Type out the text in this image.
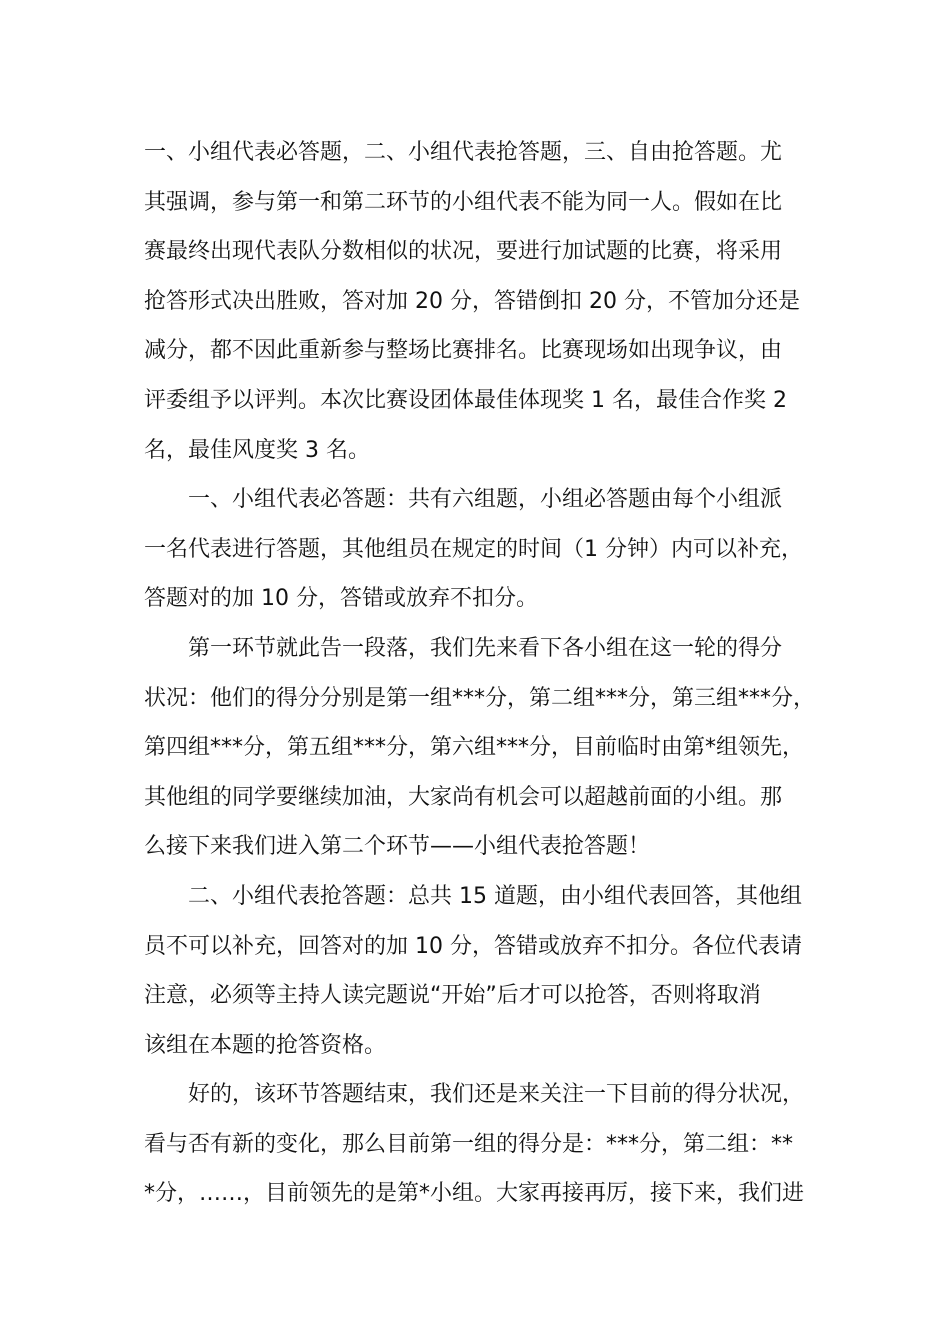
一、小组代表必答题，二、小组代表抢答题，三、自由抢答题。尤
其强调，参与第一和第二环节的小组代表不能为同一人。假如在比
赛最终出现代表队分数相似的状况，要进行加试题的比赛，将采用
抢答形式决出胜败，答对加 20 分，答错倒扣 20 分，不管加分还是
减分，都不因此重新参与整场比赛排名。比赛现场如出现争议，由
评委组予以评判。本次比赛设团体最佳体现奖 1 名，最佳合作奖 2
名，最佳风度奖 3 名。
一、小组代表必答题：共有六组题，小组必答题由每个小组派
一名代表进行答题，其他组员在规定的时间（1 分钟）内可以补充，
答题对的加 10 分，答错或放弃不扣分。
第一环节就此告一段落，我们先来看下各小组在这一轮的得分
状况：他们的得分分别是第一组***分，第二组***分，第三组***分，
第四组***分，第五组***分，第六组***分，目前临时由第*组领先，
其他组的同学要继续加油，大家尚有机会可以超越前面的小组。那
么接下来我们进入第二个环节——小组代表抢答题！
二、小组代表抢答题：总共 15 道题，由小组代表回答，其他组
员不可以补充，回答对的加 10 分，答错或放弃不扣分。各位代表请
注意，必须等主持人读完题说“开始”后才可以抢答，否则将取消
该组在本题的抢答资格。
好的，该环节答题结束，我们还是来关注一下目前的得分状况，
看与否有新的变化，那么目前第一组的得分是：***分，第二组：**
*分，……，目前领先的是第*小组。大家再接再厉，接下来，我们进
